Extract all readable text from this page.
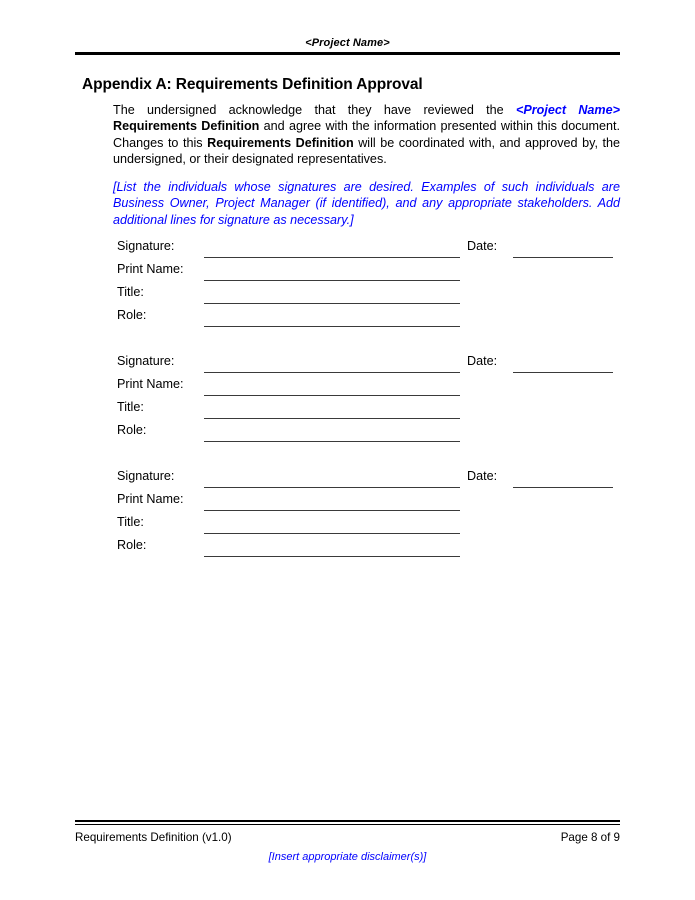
<Project Name>
Appendix A: Requirements Definition Approval

The undersigned acknowledge that they have reviewed the <Project Name> Requirements Definition and agree with the information presented within this document. Changes to this Requirements Definition will be coordinated with, and approved by, the undersigned, or their designated representatives.

[List the individuals whose signatures are desired. Examples of such individuals are Business Owner, Project Manager (if identified), and any appropriate stakeholders. Add additional lines for signature as necessary.]

Signature:	Date:
Print Name:
Title:
Role:
Signature:	Date:
Print Name:
Title:
Role:
Signature:	Date:
Print Name:
Title:
Role:
Requirements Definition (v1.0)	Page 8 of 9
[Insert appropriate disclaimer(s)]
